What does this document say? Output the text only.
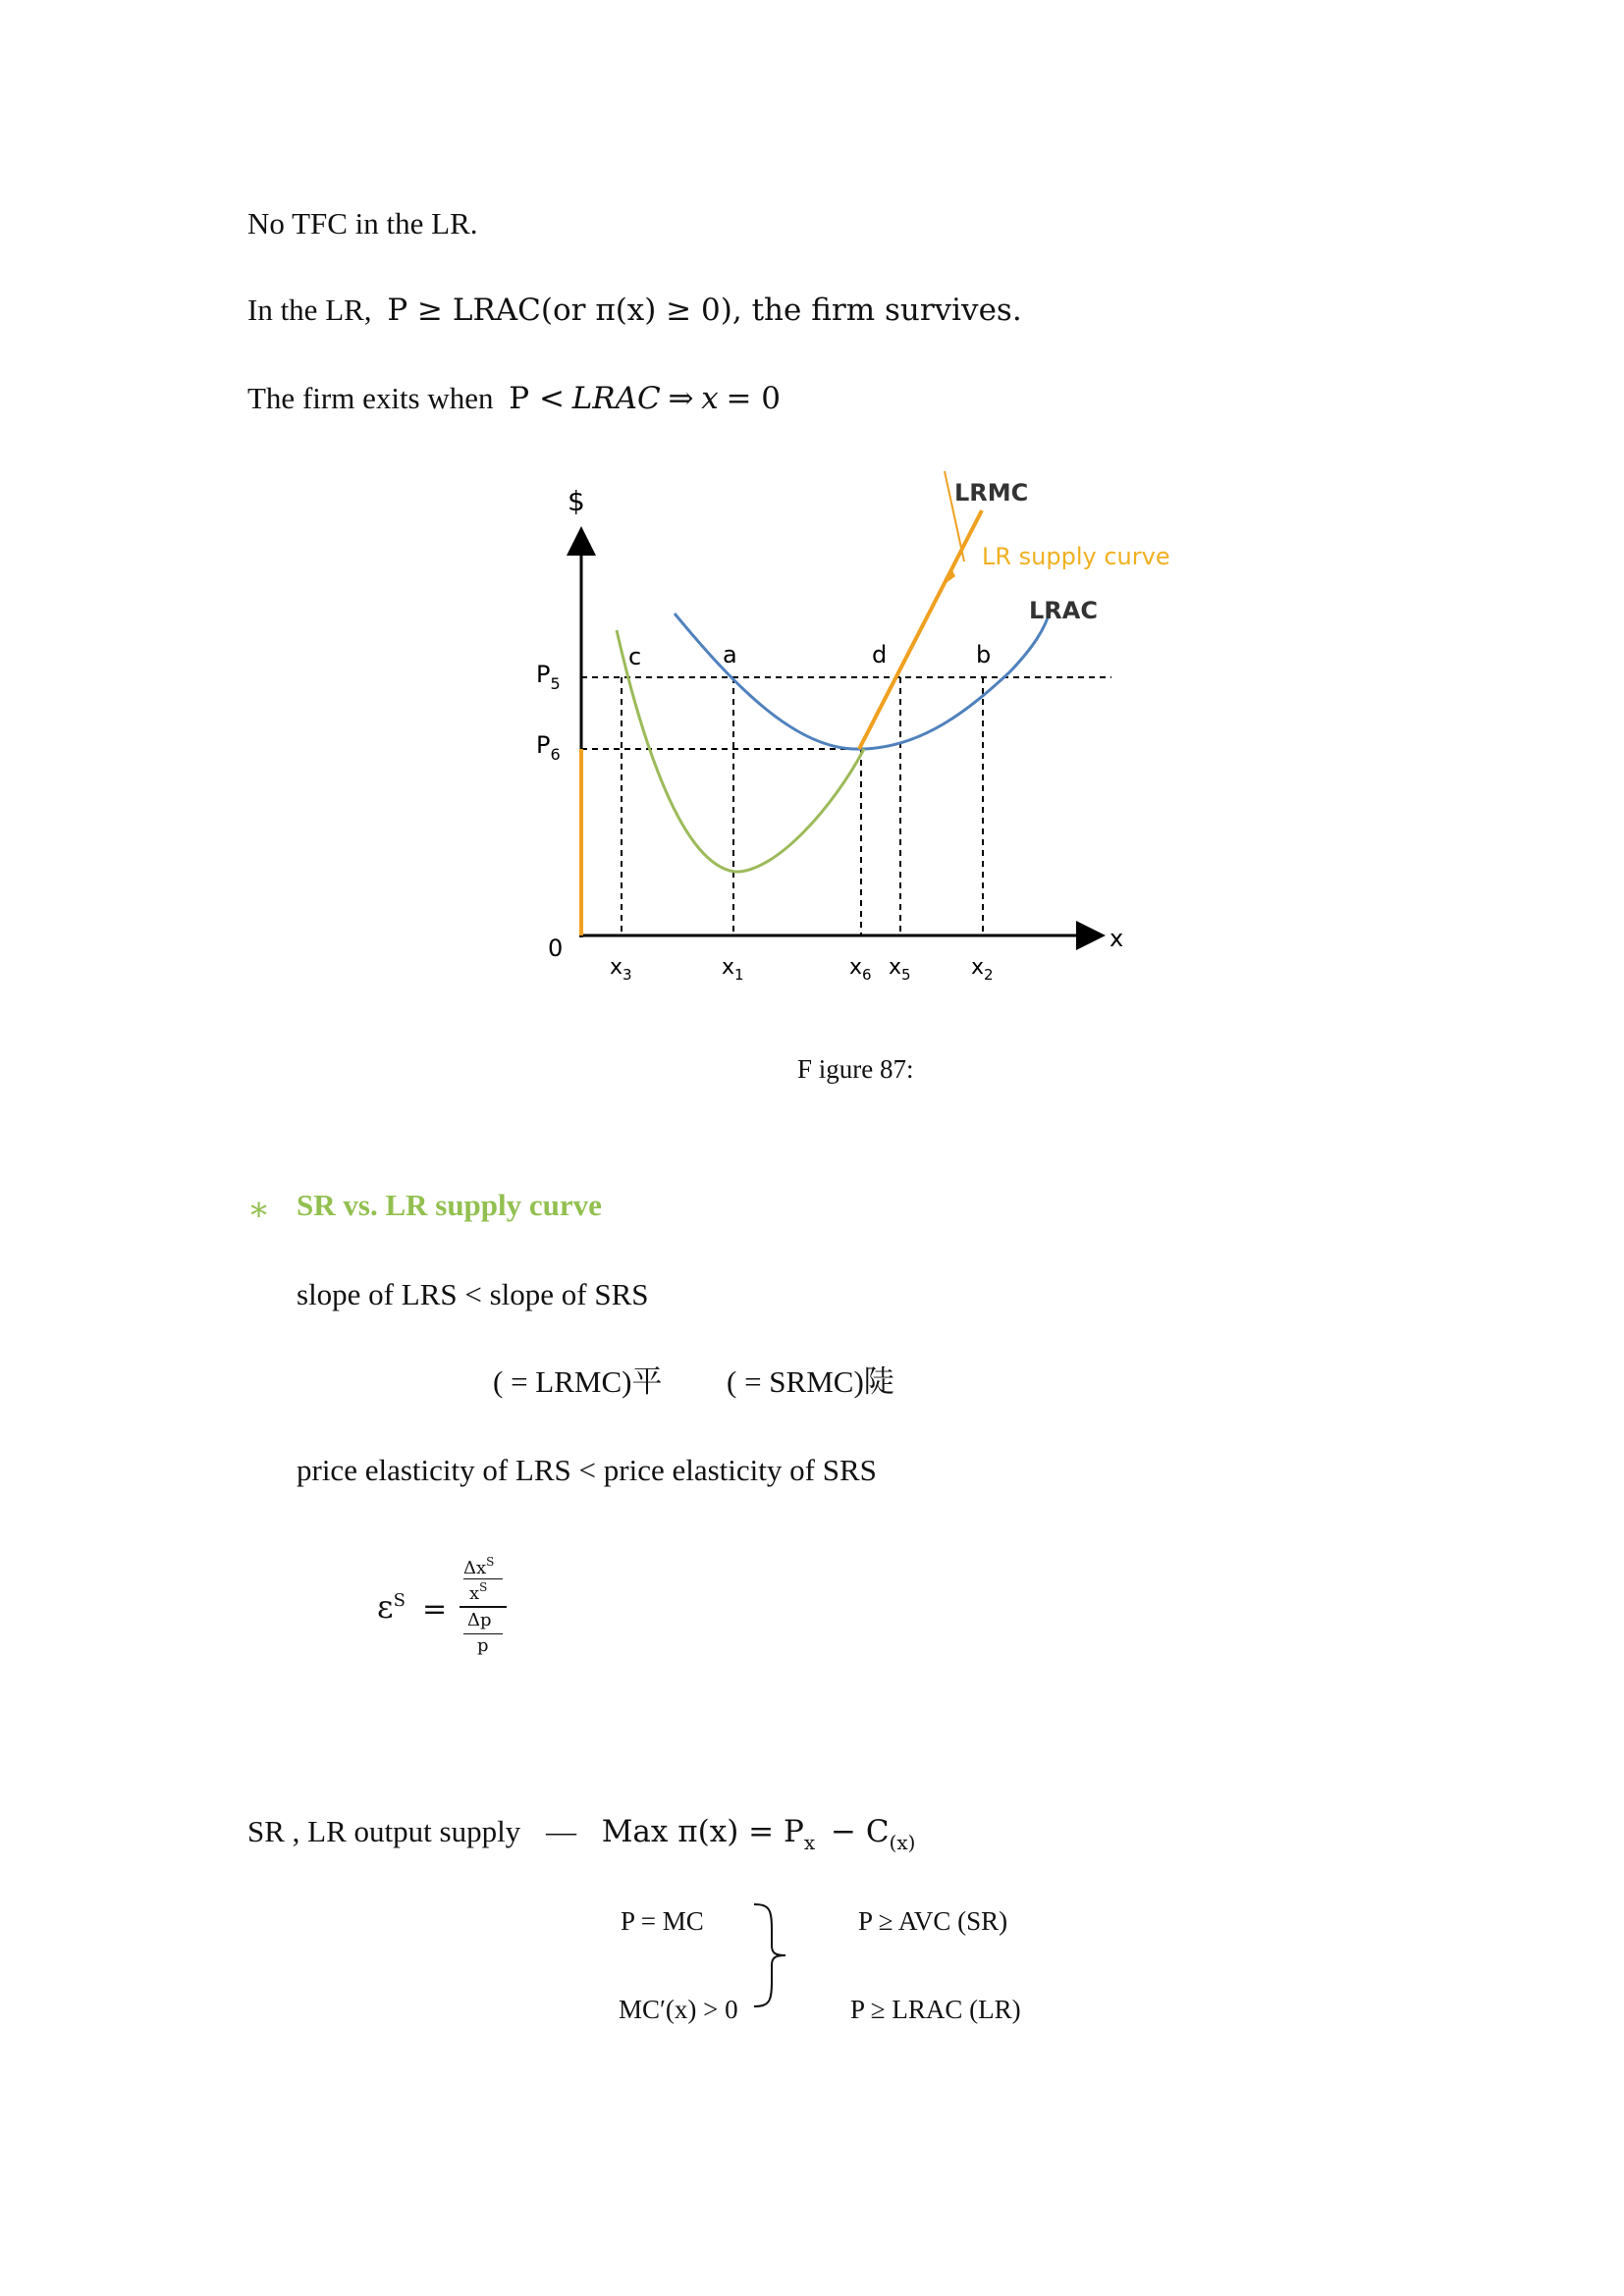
No TFC in the LR.
In the LR, P ≥ LRAC(or π(x) ≥ 0), the firm survives.
The firm exits when P < LRAC ⇒ x = 0
$
x
0
LRMC
LR supply curve
LRAC
c	a	d	b
$P_5$
$P_6$
$x_3$	$x_1$	$x_6$ $x_5$	$x_2$
F igure 87:
∗ SR vs. LR supply curve
slope of LRS < slope of SRS
( = LRMC)平 ( = SRMC)陡
price elasticity of LRS < price elasticity of SRS
$\varepsilon^S$ =
$\Delta x^S$
$x^S$
Δp
p
SR , LR output supply — Max $\pi(x) = P_x - C_{(x)}$
P = MC
MC′(x) > 0
P ≥ AVC (SR)
P ≥ LRAC (LR)
